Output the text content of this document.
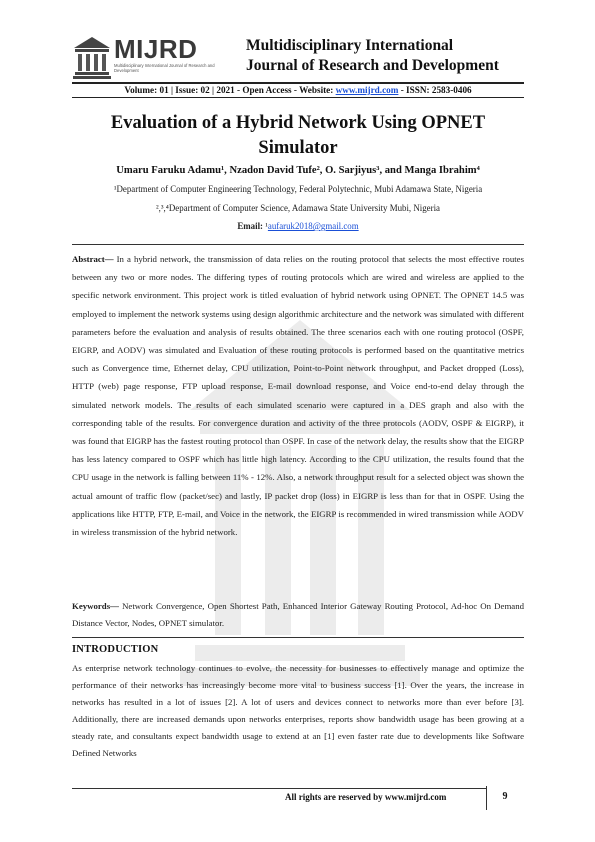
MIJRD
Multidisciplinary International Journal of Research and Development
Multidisciplinary International
Journal of Research and Development
Volume: 01 | Issue: 02 | 2021 - Open Access - Website: www.mijrd.com - ISSN: 2583-0406
Evaluation of a Hybrid Network Using OPNET
Simulator
Umaru Faruku Adamu¹, Nzadon David Tufe², O. Sarjiyus³, and Manga Ibrahim⁴
¹Department of Computer Engineering Technology, Federal Polytechnic, Mubi Adamawa State, Nigeria
²,³,⁴Department of Computer Science, Adamawa State University Mubi, Nigeria
Email: ¹aufaruk2018@gmail.com

Abstract— In a hybrid network, the transmission of data relies on the routing protocol that selects the most effective routes between any two or more nodes. The differing types of routing protocols which are wired and wireless are applied to the specific network environment. This project work is titled evaluation of hybrid network using OPNET. The OPNET 14.5 was employed to implement the network systems using design algorithmic architecture and the network was simulated with different parameters before the evaluation and analysis of results obtained. The three scenarios each with one routing protocol (OSPF, EIGRP, and AODV) was simulated and Evaluation of these routing protocols is performed based on the quantitative metrics such as Convergence time, Ethernet delay, CPU utilization, Point-to-Point network throughput, and Packet dropped (Loss), HTTP (web) page response, FTP upload response, E-mail download response, and Voice end-to-end delay through the simulated network models. The results of each simulated scenario were captured in a DES graph and also with the corresponding table of the results. For convergence duration and activity of the three protocols (AODV, OSPF & EIGRP), it was found that EIGRP has the fastest routing protocol than OSPF. In case of the network delay, the results show that the EIGRP has less latency compared to OSPF which has little high latency. According to the CPU utilization, the results found that the CPU usage in the network is falling between 11% - 12%. Also, a network throughput result for a selected object was shown the actual amount of traffic flow (packet/sec) and lastly, IP packet drop (loss) in EIGRP is less than for that in OSPF. Using the applications like HTTP, FTP, E-mail, and Voice in the network, the EIGRP is recommended in wired transmission while AODV in wireless transmission of the hybrid network.

Keywords— Network Convergence, Open Shortest Path, Enhanced Interior Gateway Routing Protocol, Ad-hoc On Demand Distance Vector, Nodes, OPNET simulator.

INTRODUCTION

As enterprise network technology continues to evolve, the necessity for businesses to effectively manage and optimize the performance of their networks has increasingly become more vital to business success [1]. Over the years, the increase in networks has resulted in a lot of issues [2]. A lot of users and devices connect to networks more than ever before [3]. Additionally, there are increased demands upon networks enterprises, reports show bandwidth usage has been growing at a steady rate, and consultants expect bandwidth usage to extend at an [1] even faster rate due to developments like Software Defined Networks

All rights are reserved by www.mijrd.com	9
